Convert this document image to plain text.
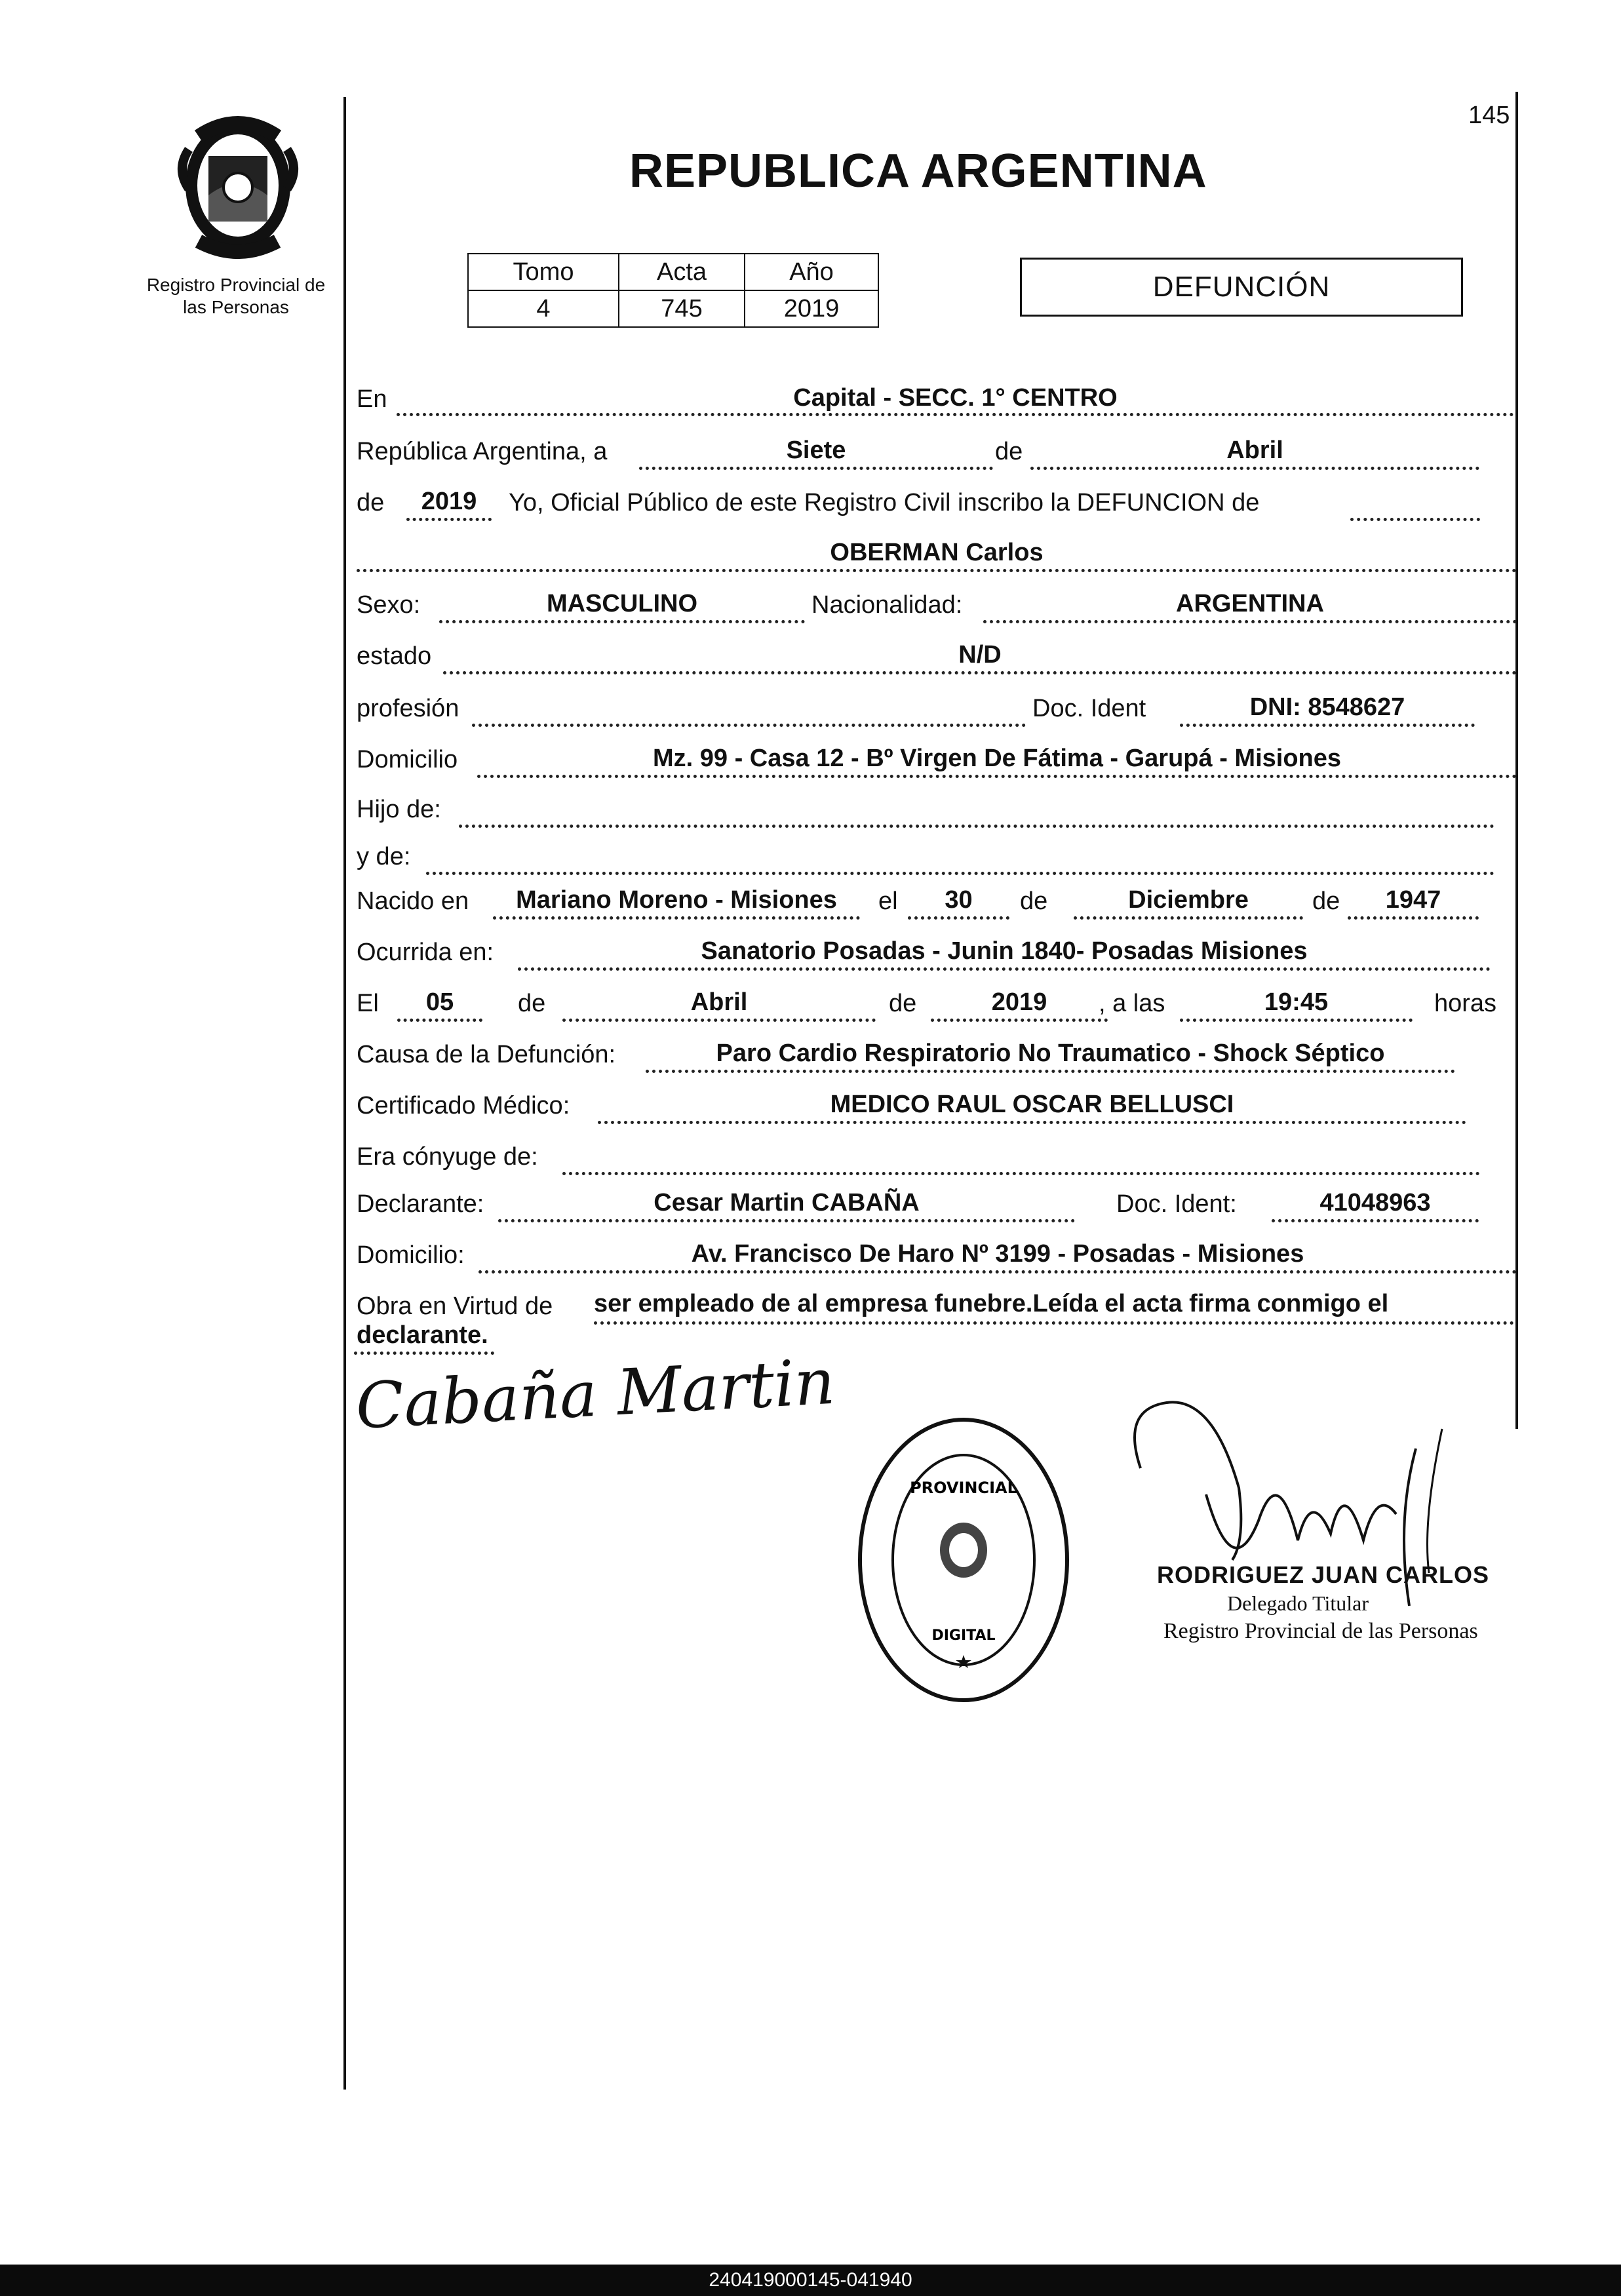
Registro Provincial de
las Personas
REPUBLICA ARGENTINA
145
Tomo	Acta	Año
4	745	2019
DEFUNCIÓN
En	Capital - SECC. 1° CENTRO
República Argentina, a	Siete	de	Abril
de	2019	Yo, Oficial Público de este Registro Civil inscribo la DEFUNCION de
OBERMAN Carlos
Sexo:	MASCULINO	Nacionalidad:	ARGENTINA
estado	N/D
profesión	Doc. Ident	DNI: 8548627
Domicilio	Mz. 99 - Casa 12 - Bº Virgen De Fátima - Garupá - Misiones
Hijo de:
y de:
Nacido en	Mariano Moreno - Misiones	el	30	de	Diciembre	de	1947
Ocurrida en:	Sanatorio Posadas - Junin 1840- Posadas Misiones
El	05	de	Abril	de	2019	, a las	19:45	horas
Causa de la Defunción:	Paro Cardio Respiratorio No Traumatico - Shock Séptico
Certificado Médico:	MEDICO RAUL OSCAR BELLUSCI
Era cónyuge de:
Declarante:	Cesar Martin CABAÑA	Doc. Ident:	41048963
Domicilio:	Av. Francisco De Haro Nº 3199 - Posadas - Misiones
Obra en Virtud de ser empleado de al empresa funebre.Leída el acta firma conmigo el
declarante.
Cabaña Martin
PROVINCIAL
DIGITAL
RODRIGUEZ JUAN CARLOS
Delegado Titular
Registro Provincial de las Personas
240419000145-041940
